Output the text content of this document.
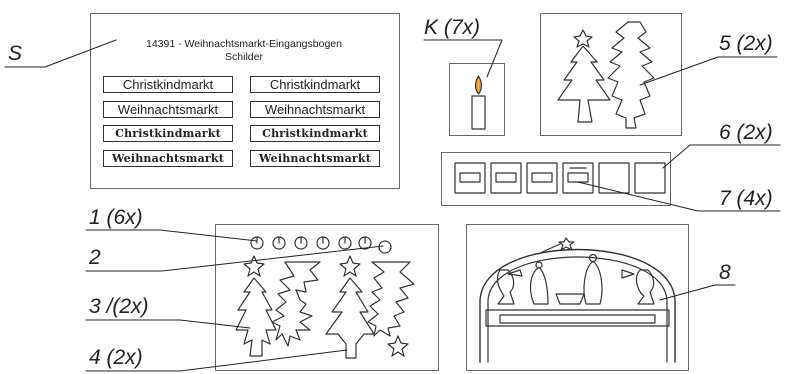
14391 - Weihnachtsmarkt-Eingangsbogen
Schilder
Christkindmarkt	Christkindmarkt
Weihnachtsmarkt	Weihnachtsmarkt
Christkindmarkt	Christkindmarkt
Weihnachtsmarkt	Weihnachtsmarkt
S
K (7x)
5 (2x)
6 (2x)
7 (4x)
1 (6x)
2
3 /(2x)
4 (2x)
8
